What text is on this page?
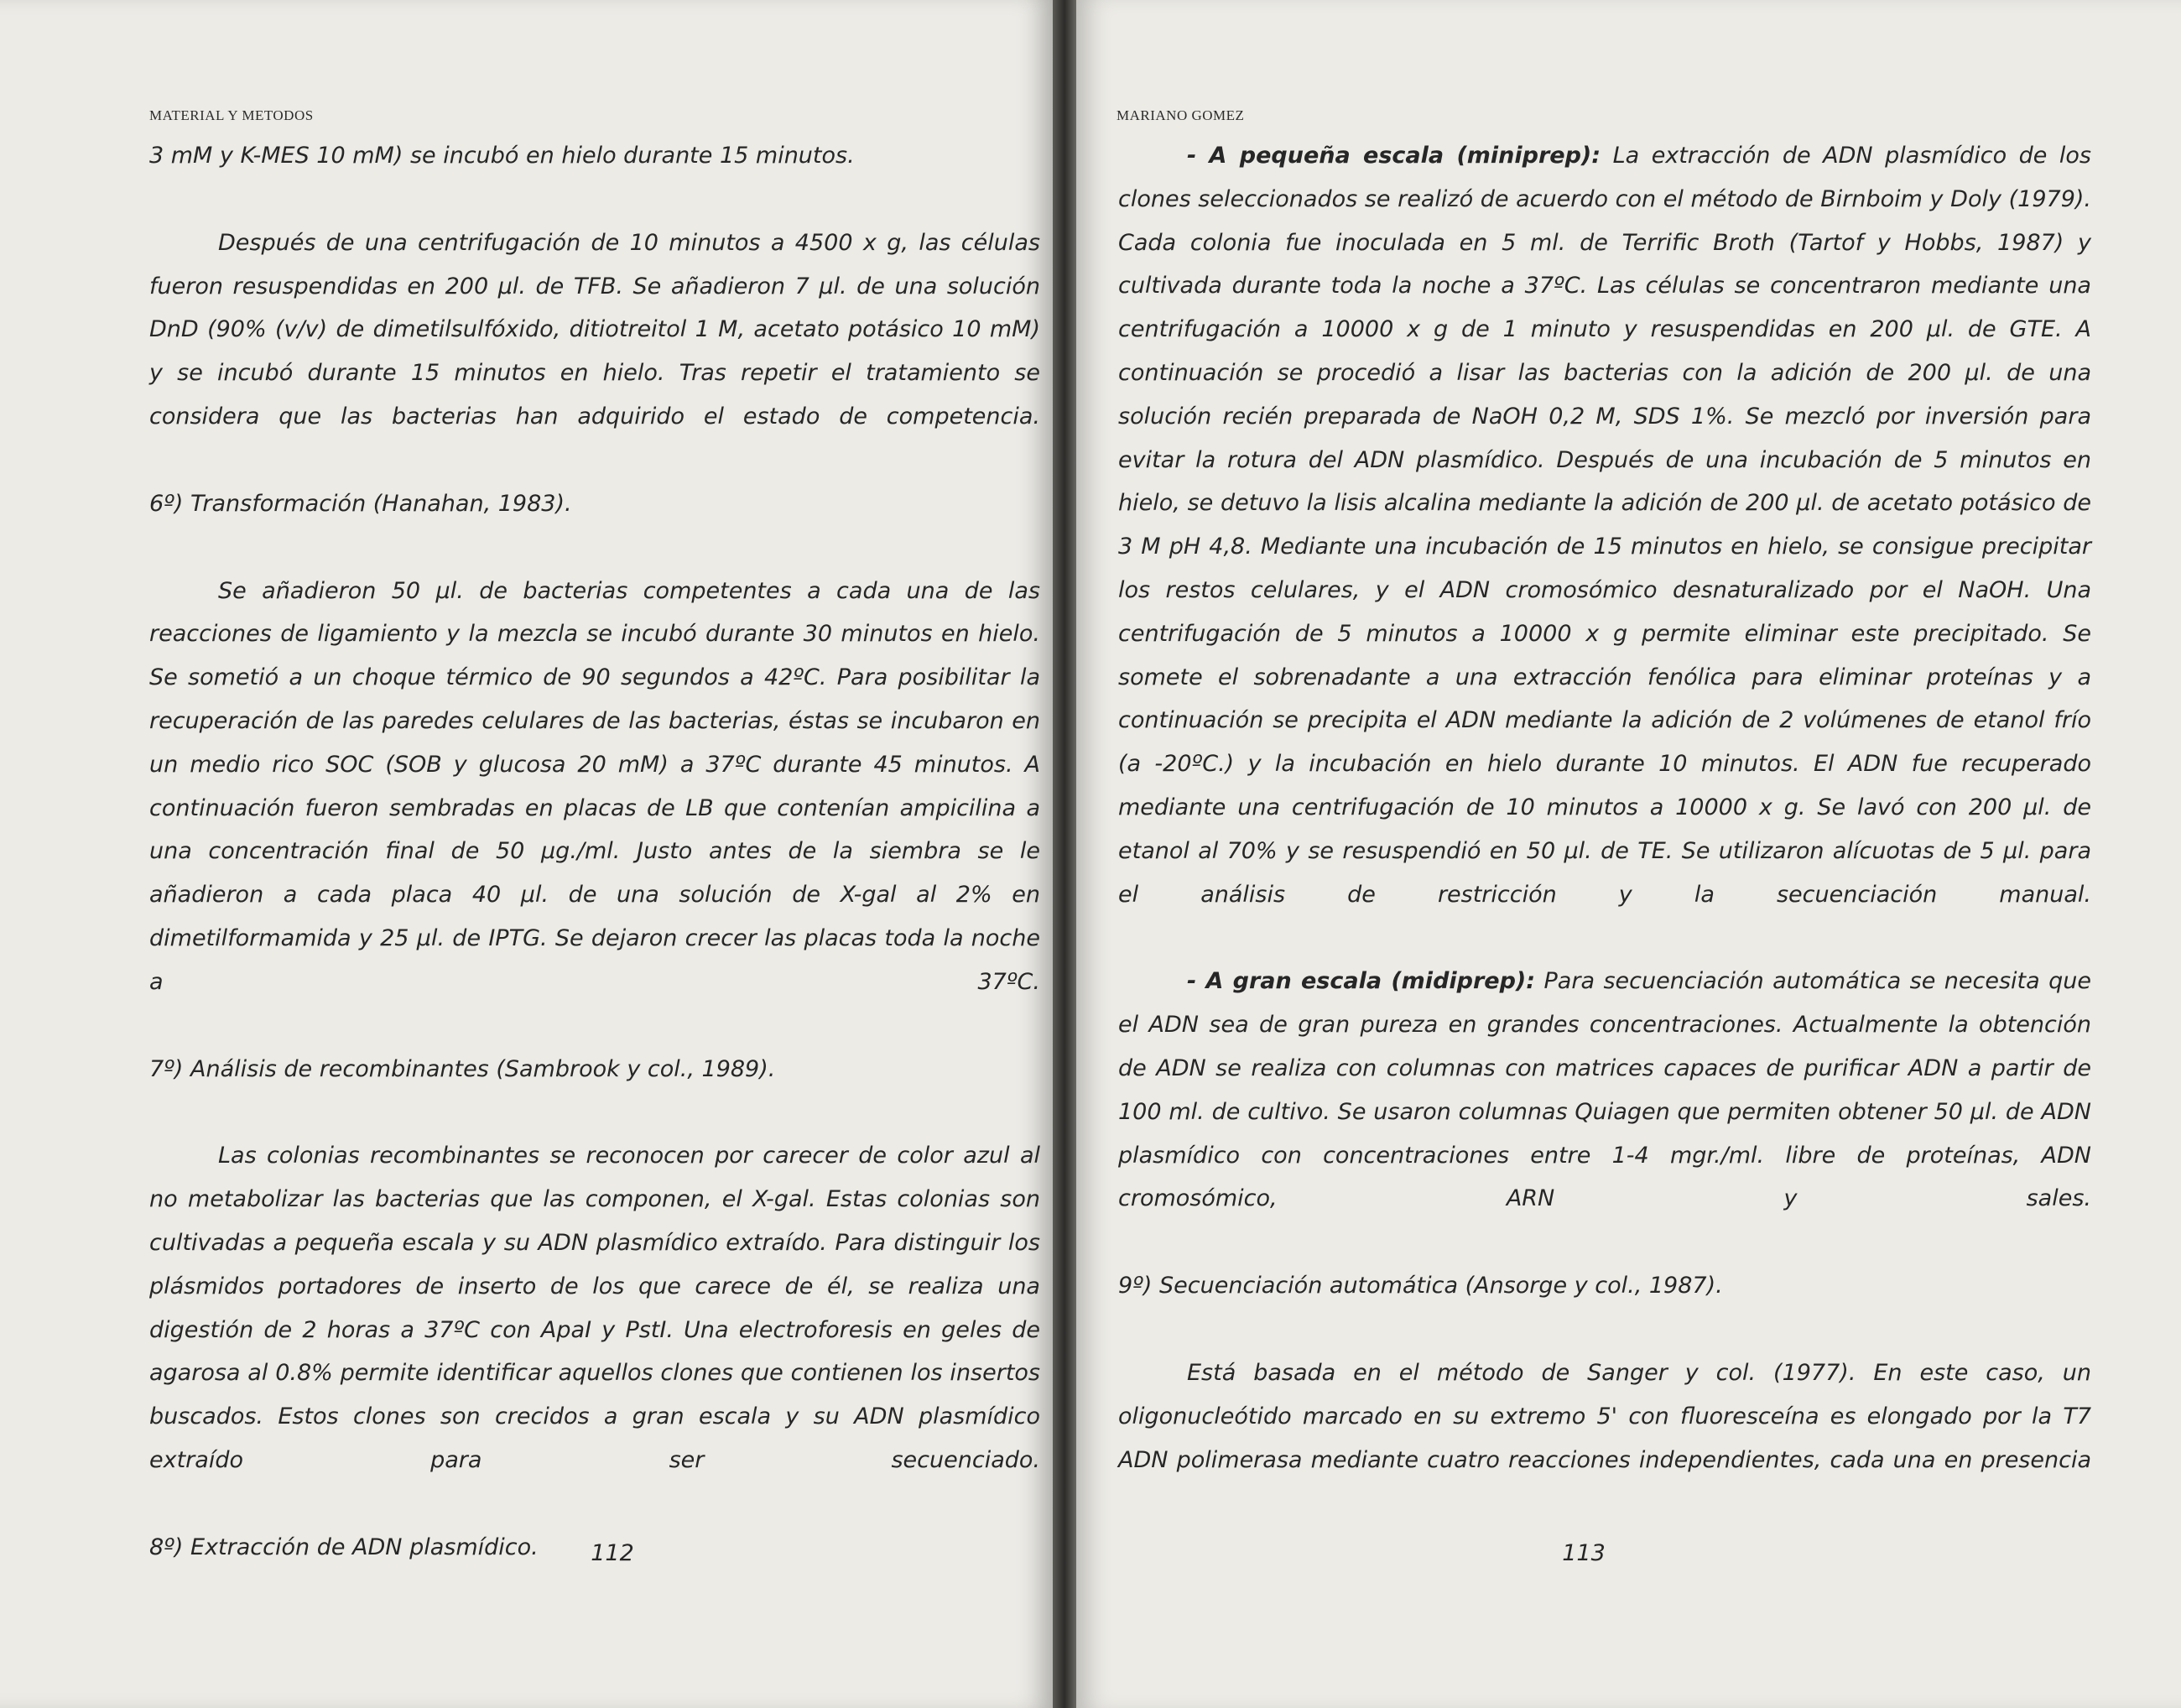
MATERIAL Y METODOS

3 mM y K-MES 10 mM) se incubó en hielo durante 15 minutos.

Después de una centrifugación de 10 minutos a 4500 x g, las células fueron resuspendidas en 200 µl. de TFB. Se añadieron 7 µl. de una solución DnD (90% (v/v) de dimetilsulfóxido, ditiotreitol 1 M, acetato potásico 10 mM) y se incubó durante 15 minutos en hielo. Tras repetir el tratamiento se considera que las bacterias han adquirido el estado de competencia.

6º) Transformación (Hanahan, 1983).

Se añadieron 50 µl. de bacterias competentes a cada una de las reacciones de ligamiento y la mezcla se incubó durante 30 minutos en hielo. Se sometió a un choque térmico de 90 segundos a 42ºC. Para posibilitar la recuperación de las paredes celulares de las bacterias, éstas se incubaron en un medio rico SOC (SOB y glucosa 20 mM) a 37ºC durante 45 minutos. A continuación fueron sembradas en placas de LB que contenían ampicilina a una concentración final de 50 µg./ml. Justo antes de la siembra se le añadieron a cada placa 40 µl. de una solución de X-gal al 2% en dimetilformamida y 25 µl. de IPTG. Se dejaron crecer las placas toda la noche a 37ºC.

7º) Análisis de recombinantes (Sambrook y col., 1989).

Las colonias recombinantes se reconocen por carecer de color azul al no metabolizar las bacterias que las componen, el X-gal. Estas colonias son cultivadas a pequeña escala y su ADN plasmídico extraído. Para distinguir los plásmidos portadores de inserto de los que carece de él, se realiza una digestión de 2 horas a 37ºC con ApaI y PstI. Una electroforesis en geles de agarosa al 0.8% permite identificar aquellos clones que contienen los insertos buscados. Estos clones son crecidos a gran escala y su ADN plasmídico extraído para ser secuenciado.

8º) Extracción de ADN plasmídico.	112
MARIANO GOMEZ

- A pequeña escala (miniprep): La extracción de ADN plasmídico de los clones seleccionados se realizó de acuerdo con el método de Birnboim y Doly (1979). Cada colonia fue inoculada en 5 ml. de Terrific Broth (Tartof y Hobbs, 1987) y cultivada durante toda la noche a 37ºC. Las células se concentraron mediante una centrifugación a 10000 x g de 1 minuto y resuspendidas en 200 µl. de GTE. A continuación se procedió a lisar las bacterias con la adición de 200 µl. de una solución recién preparada de NaOH 0,2 M, SDS 1%. Se mezcló por inversión para evitar la rotura del ADN plasmídico. Después de una incubación de 5 minutos en hielo, se detuvo la lisis alcalina mediante la adición de 200 µl. de acetato potásico de 3 M pH 4,8. Mediante una incubación de 15 minutos en hielo, se consigue precipitar los restos celulares, y el ADN cromosómico desnaturalizado por el NaOH. Una centrifugación de 5 minutos a 10000 x g permite eliminar este precipitado. Se somete el sobrenadante a una extracción fenólica para eliminar proteínas y a continuación se precipita el ADN mediante la adición de 2 volúmenes de etanol frío (a -20ºC.) y la incubación en hielo durante 10 minutos. El ADN fue recuperado mediante una centrifugación de 10 minutos a 10000 x g. Se lavó con 200 µl. de etanol al 70% y se resuspendió en 50 µl. de TE. Se utilizaron alícuotas de 5 µl. para el análisis de restricción y la secuenciación manual.

- A gran escala (midiprep): Para secuenciación automática se necesita que el ADN sea de gran pureza en grandes concentraciones. Actualmente la obtención de ADN se realiza con columnas con matrices capaces de purificar ADN a partir de 100 ml. de cultivo. Se usaron columnas Quiagen que permiten obtener 50 µl. de ADN plasmídico con concentraciones entre 1-4 mgr./ml. libre de proteínas, ADN cromosómico, ARN y sales.

9º) Secuenciación automática (Ansorge y col., 1987).

Está basada en el método de Sanger y col. (1977). En este caso, un oligonucleótido marcado en su extremo 5' con fluoresceína es elongado por la T7 ADN polimerasa mediante cuatro reacciones independientes, cada una en presencia

113
